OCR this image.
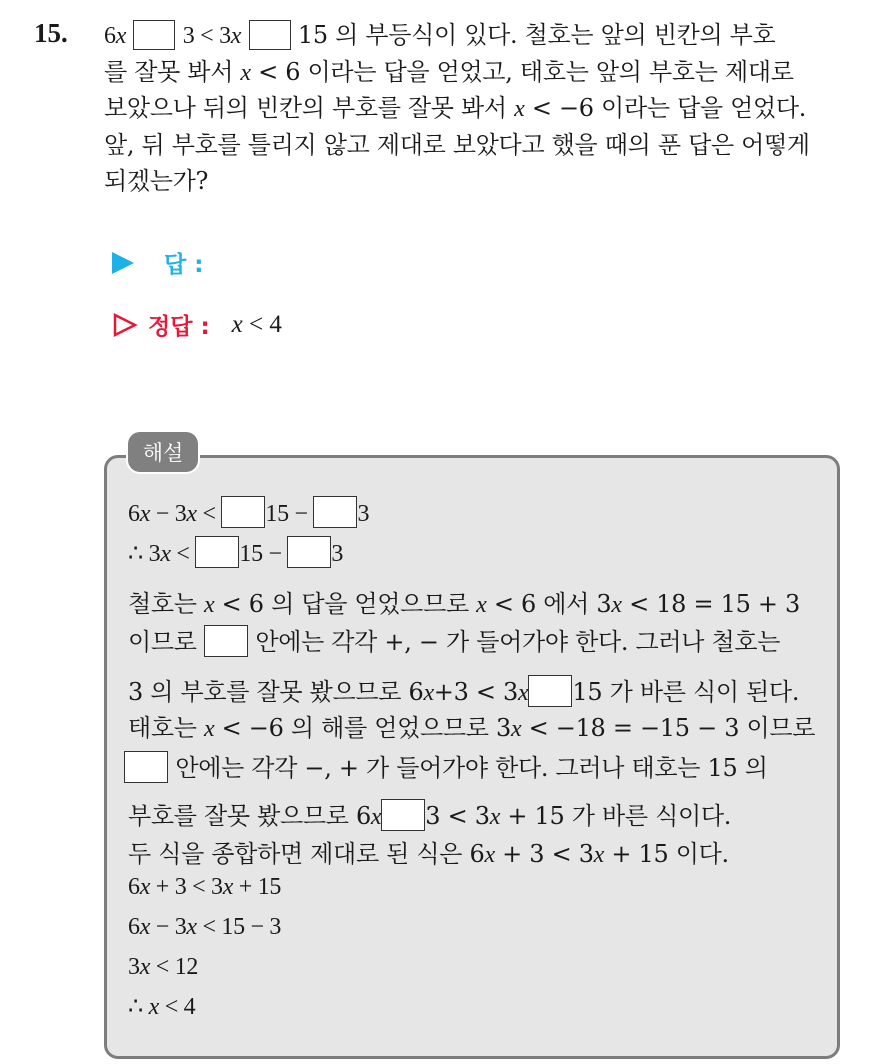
15. 6x 3 < 3x 15 의 부등식이 있다. 철호는 앞의 빈칸의 부호
를 잘못 봐서 x < 6 이라는 답을 얻었고, 태호는 앞의 부호는 제대로
보았으나 뒤의 빈칸의 부호를 잘못 봐서 x < −6 이라는 답을 얻었다.
앞, 뒤 부호를 틀리지 않고 제대로 보았다고 했을 때의 푼 답은 어떻게
되겠는가?
답 :
정답 : x < 4
해설
6x − 3x < 15 − 3
∴ 3x < 15 − 3
철호는 x < 6 의 답을 얻었으므로 x < 6 에서 3x < 18 = 15 + 3
이므로  안에는 각각 +, − 가 들어가야 한다. 그러나 철호는
3 의 부호를 잘못 봤으므로 6x+3 < 3x 15 가 바른 식이 된다.
태호는 x < −6 의 해를 얻었으므로 3x < −18 = −15 − 3 이므로
안에는 각각 −, + 가 들어가야 한다. 그러나 태호는 15 의
부호를 잘못 봤으므로 6x 3 < 3x + 15 가 바른 식이다.
두 식을 종합하면 제대로 된 식은 6x + 3 < 3x + 15 이다.
6x + 3 < 3x + 15
6x − 3x < 15 − 3
3x < 12
∴ x < 4
